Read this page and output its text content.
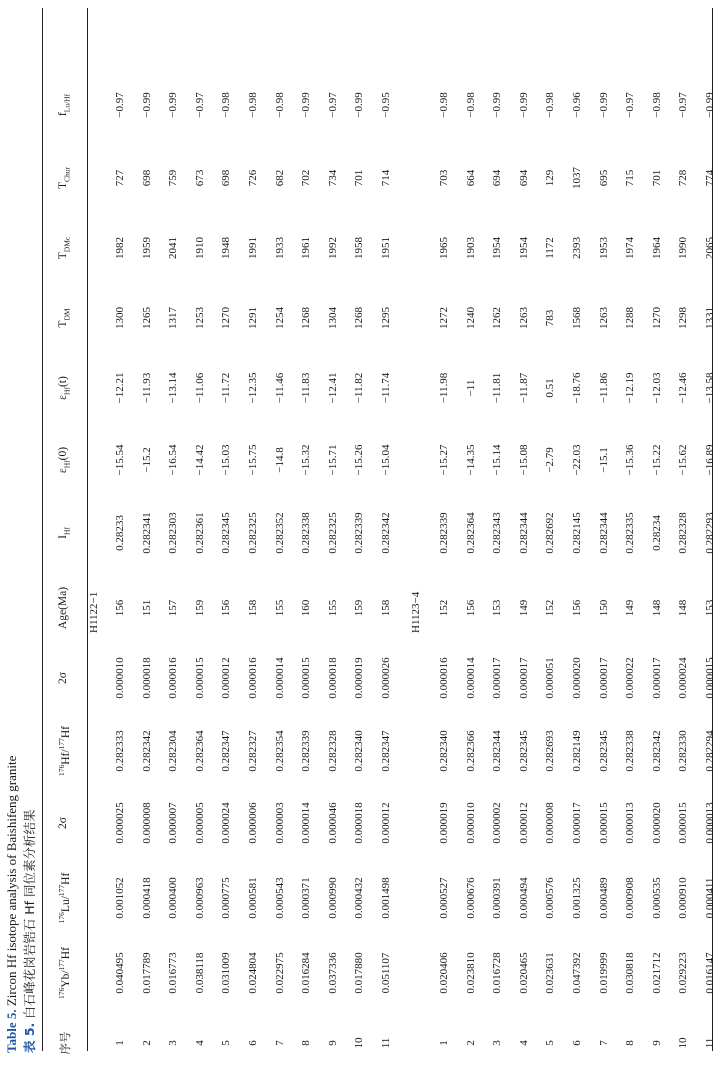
Table 5. Zircon Hf isotope analysis of Baishifeng granite
表 5. 白石峰花岗岩锆石 Hf 同位素分析结果
序号
$^{176}$Yb/$^{177}$Hf
$^{176}$Lu/$^{177}$Hf
2σ
$^{176}$Hf/$^{177}$Hf
2σ
Age(Ma)
$I_{Hf}$
$\varepsilon_{Hf}(0)$
$\varepsilon_{Hf}(t)$
$T_{DM}$
$T_{DMc}$
$T_{Chur}$
$f_{Lu/Hf}$
H1122−1
1
0.040495
0.001052
0.000025
0.282333
0.000010
156
0.28233
−15.54
−12.21
1300
1982
727
−0.97
2
0.017789
0.000418
0.000008
0.282342
0.000018
151
0.282341
−15.2
−11.93
1265
1959
698
−0.99
3
0.016773
0.000400
0.000007
0.282304
0.000016
157
0.282303
−16.54
−13.14
1317
2041
759
−0.99
4
0.038118
0.000963
0.000005
0.282364
0.000015
159
0.282361
−14.42
−11.06
1253
1910
673
−0.97
5
0.031009
0.000775
0.000024
0.282347
0.000012
156
0.282345
−15.03
−11.72
1270
1948
698
−0.98
6
0.024804
0.000581
0.000006
0.282327
0.000016
158
0.282325
−15.75
−12.35
1291
1991
726
−0.98
7
0.022975
0.000543
0.000003
0.282354
0.000014
155
0.282352
−14.8
−11.46
1254
1933
682
−0.98
8
0.016284
0.000371
0.000014
0.282339
0.000015
160
0.282338
−15.32
−11.83
1268
1961
702
−0.99
9
0.037336
0.000990
0.000046
0.282328
0.000018
155
0.282325
−15.71
−12.41
1304
1992
734
−0.97
10
0.017880
0.000432
0.000018
0.282340
0.000019
159
0.282339
−15.26
−11.82
1268
1958
701
−0.99
11
0.051107
0.001498
0.000012
0.282347
0.000026
158
0.282342
−15.04
−11.74
1295
1951
714
−0.95
H1123−4
1
0.020406
0.000527
0.000019
0.282340
0.000016
152
0.282339
−15.27
−11.98
1272
1965
703
−0.98
2
0.023810
0.000676
0.000010
0.282366
0.000014
156
0.282364
−14.35
−11
1240
1903
664
−0.98
3
0.016728
0.000391
0.000002
0.282344
0.000017
153
0.282343
−15.14
−11.81
1262
1954
694
−0.99
4
0.020465
0.000494
0.000012
0.282345
0.000017
149
0.282344
−15.08
−11.87
1263
1954
694
−0.99
5
0.023631
0.000576
0.000008
0.282693
0.000051
152
0.282692
−2.79
0.51
783
1172
129
−0.98
6
0.047392
0.001325
0.000017
0.282149
0.000020
156
0.282145
−22.03
−18.76
1568
2393
1037
−0.96
7
0.019999
0.000489
0.000015
0.282345
0.000017
150
0.282344
−15.1
−11.86
1263
1953
695
−0.99
8
0.030818
0.000908
0.000013
0.282338
0.000022
149
0.282335
−15.36
−12.19
1288
1974
715
−0.97
9
0.021712
0.000535
0.000020
0.282342
0.000017
148
0.28234
−15.22
−12.03
1270
1964
701
−0.98
10
0.029223
0.000910
0.000015
0.282330
0.000024
148
0.282328
−15.62
−12.46
1298
1990
728
−0.97
11
0.016147
0.000411
0.000013
0.282294
0.000015
153
0.282293
−16.89
−13.58
1331
2065
774
−0.99
